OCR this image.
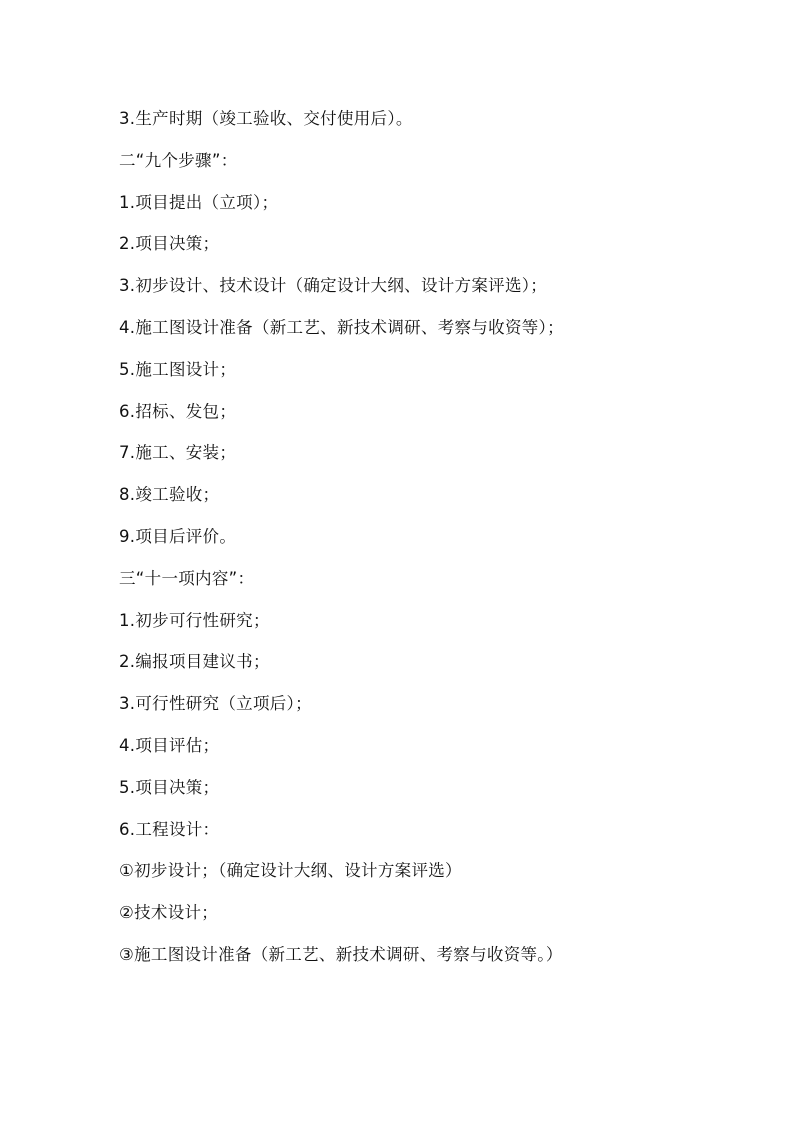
3.生产时期（竣工验收、交付使用后）。
二“九个步骤”：
1.项目提出（立项）；
2.项目决策；
3.初步设计、技术设计（确定设计大纲、设计方案评选）；
4.施工图设计准备（新工艺、新技术调研、考察与收资等）；
5.施工图设计；
6.招标、发包；
7.施工、安装；
8.竣工验收；
9.项目后评价。
三“十一项内容”：
1.初步可行性研究；
2.编报项目建议书；
3.可行性研究（立项后）；
4.项目评估；
5.项目决策；
6.工程设计：
①初步设计；（确定设计大纲、设计方案评选）
②技术设计；
③施工图设计准备（新工艺、新技术调研、考察与收资等。）
